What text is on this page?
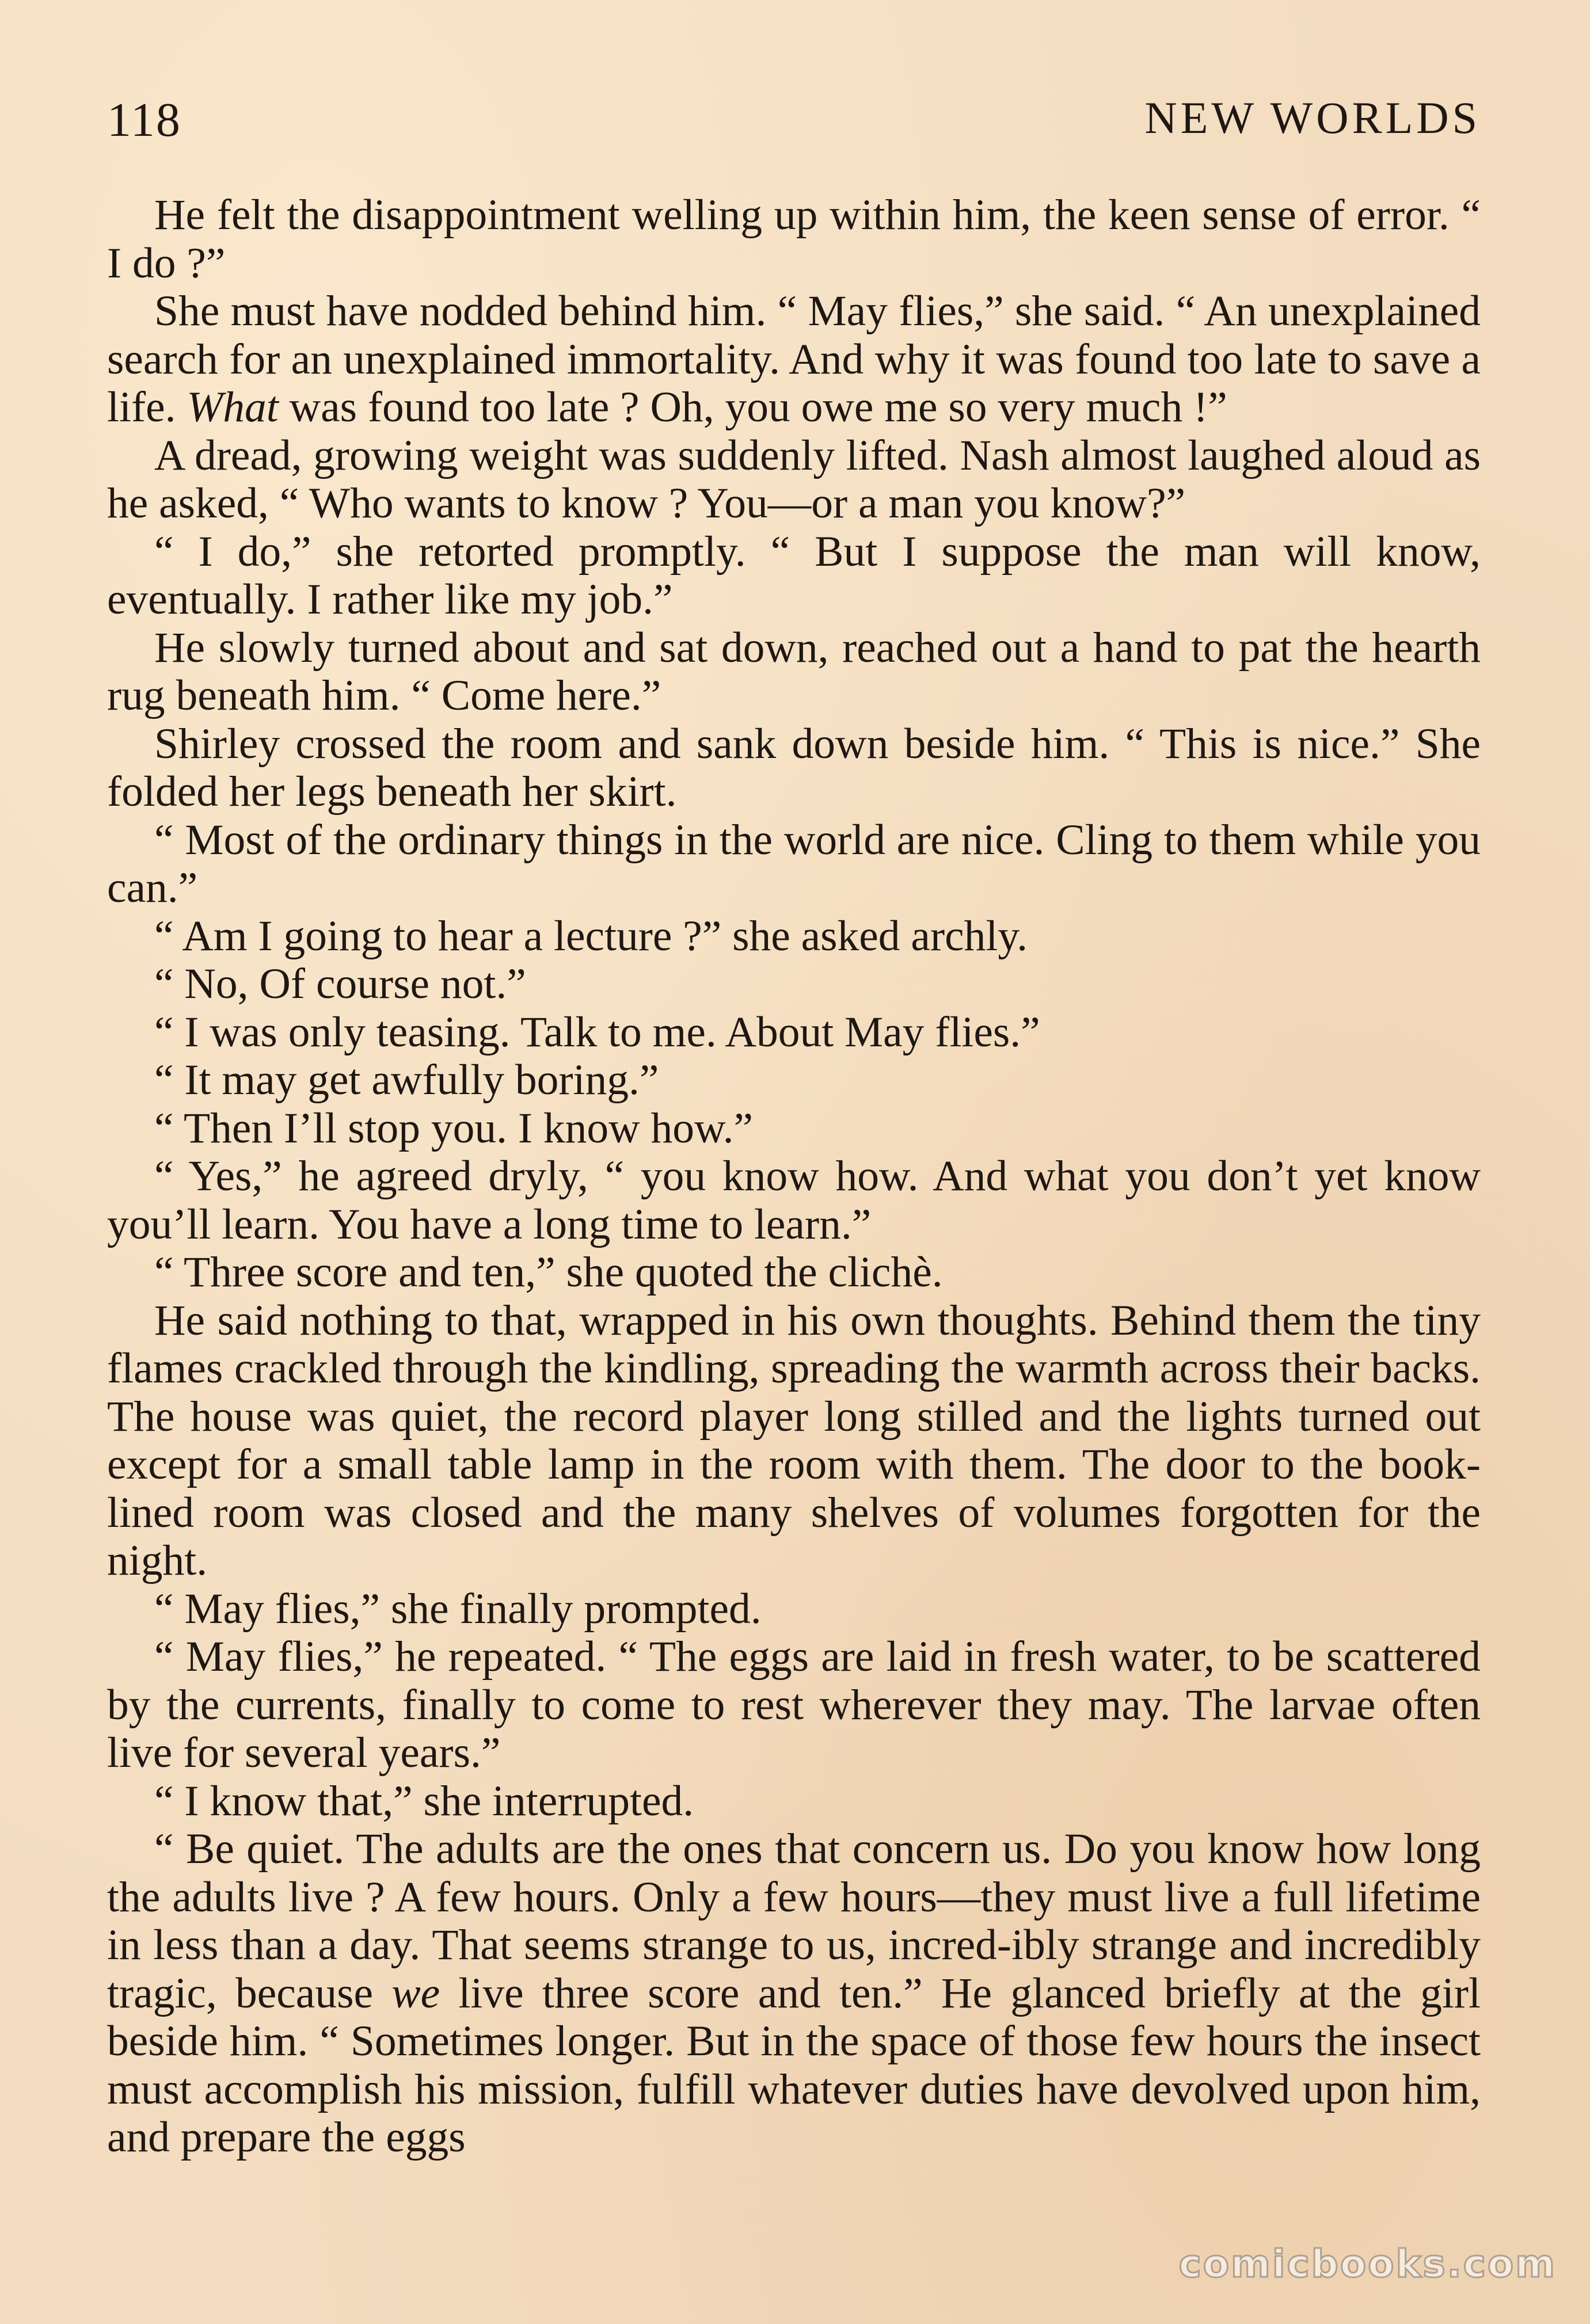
118	NEW WORLDS

He felt the disappointment welling up within him, the keen sense of error. “ I do ?”

She must have nodded behind him. “ May flies,” she said. “ An unexplained search for an unexplained immortality. And why it was found too late to save a life. What was found too late ? Oh, you owe me so very much !”

A dread, growing weight was suddenly lifted. Nash almost laughed aloud as he asked, “ Who wants to know ? You—or a man you know?”

“ I do,” she retorted promptly. “ But I suppose the man will know, eventually. I rather like my job.”

He slowly turned about and sat down, reached out a hand to pat the hearth rug beneath him. “ Come here.”

Shirley crossed the room and sank down beside him. “ This is nice.” She folded her legs beneath her skirt.

“ Most of the ordinary things in the world are nice. Cling to them while you can.”

“ Am I going to hear a lecture ?” she asked archly.

“ No, Of course not.”

“ I was only teasing. Talk to me. About May flies.”

“ It may get awfully boring.”

“ Then I’ll stop you. I know how.”

“ Yes,” he agreed dryly, “ you know how. And what you don’t yet know you’ll learn. You have a long time to learn.”

“ Three score and ten,” she quoted the clichè.

He said nothing to that, wrapped in his own thoughts. Behind them the tiny flames crackled through the kindling, spreading the warmth across their backs. The house was quiet, the record player long stilled and the lights turned out except for a small table lamp in the room with them. The door to the book-lined room was closed and the many shelves of volumes forgotten for the night.

“ May flies,” she finally prompted.

“ May flies,” he repeated. “ The eggs are laid in fresh water, to be scattered by the currents, finally to come to rest wherever they may. The larvae often live for several years.”

“ I know that,” she interrupted.

“ Be quiet. The adults are the ones that concern us. Do you know how long the adults live ? A few hours. Only a few hours—they must live a full lifetime in less than a day. That seems strange to us, incred-ibly strange and incredibly tragic, because we live three score and ten.” He glanced briefly at the girl beside him. “ Sometimes longer. But in the space of those few hours the insect must accomplish his mission, fulfill whatever duties have devolved upon him, and prepare the eggs

comicbooks.com
